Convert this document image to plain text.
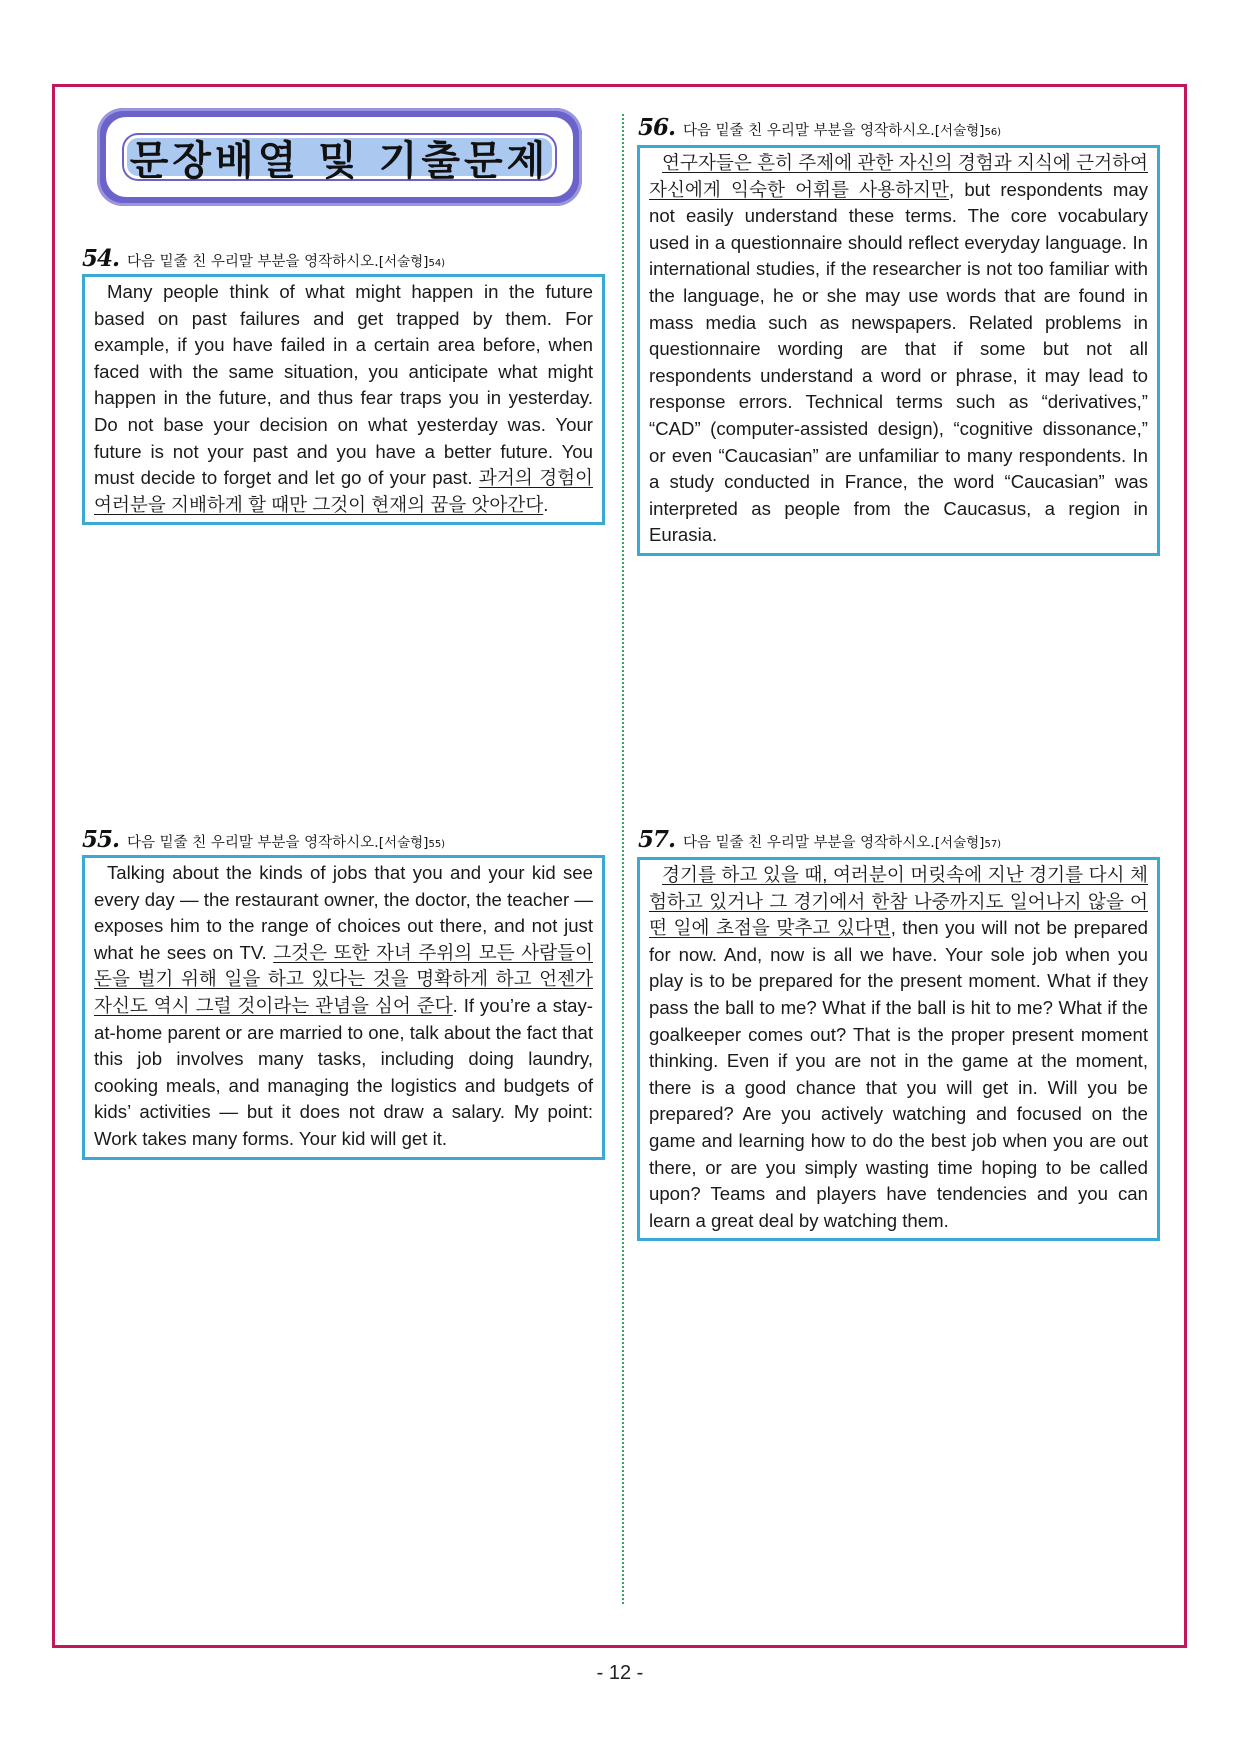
문장배열 및 기출문제
54. 다음 밑줄 친 우리말 부분을 영작하시오. [서술형] 54)

Many people think of what might happen in the future based on past failures and get trapped by them. For example, if you have failed in a certain area before, when faced with the same situation, you anticipate what might happen in the future, and thus fear traps you in yesterday. Do not base your decision on what yesterday was. Your future is not your past and you have a better future. You must decide to forget and let go of your past. 과거의 경험이 여러분을 지배하게 할 때만 그것이 현재의 꿈을 앗아간다.

55. 다음 밑줄 친 우리말 부분을 영작하시오. [서술형] 55)

Talking about the kinds of jobs that you and your kid see every day — the restaurant owner, the doctor, the teacher — exposes him to the range of choices out there, and not just what he sees on TV. 그것은 또한 자녀 주위의 모든 사람들이 돈을 벌기 위해 일을 하고 있다는 것을 명확하게 하고 언젠가 자신도 역시 그럴 것이라는 관념을 심어 준다. If you’re a stay-at-home parent or are married to one, talk about the fact that this job involves many tasks, including doing laundry, cooking meals, and managing the logistics and budgets of kids’ activities — but it does not draw a salary. My point: Work takes many forms. Your kid will get it.

56. 다음 밑줄 친 우리말 부분을 영작하시오. [서술형] 56)

연구자들은 흔히 주제에 관한 자신의 경험과 지식에 근거하여 자신에게 익숙한 어휘를 사용하지만, but respondents may not easily understand these terms. The core vocabulary used in a questionnaire should reflect everyday language. In international studies, if the researcher is not too familiar with the language, he or she may use words that are found in mass media such as newspapers. Related problems in questionnaire wording are that if some but not all respondents understand a word or phrase, it may lead to response errors. Technical terms such as “derivatives,” “CAD” (computer-assisted design), “cognitive dissonance,” or even “Caucasian” are unfamiliar to many respondents. In a study conducted in France, the word “Caucasian” was interpreted as people from the Caucasus, a region in Eurasia.

57. 다음 밑줄 친 우리말 부분을 영작하시오. [서술형] 57)

경기를 하고 있을 때, 여러분이 머릿속에 지난 경기를 다시 체험하고 있거나 그 경기에서 한참 나중까지도 일어나지 않을 어떤 일에 초점을 맞추고 있다면, then you will not be prepared for now. And, now is all we have. Your sole job when you play is to be prepared for the present moment. What if they pass the ball to me? What if the ball is hit to me? What if the goalkeeper comes out? That is the proper present moment thinking. Even if you are not in the game at the moment, there is a good chance that you will get in. Will you be prepared? Are you actively watching and focused on the game and learning how to do the best job when you are out there, or are you simply wasting time hoping to be called upon? Teams and players have tendencies and you can learn a great deal by watching them.

- 12 -
